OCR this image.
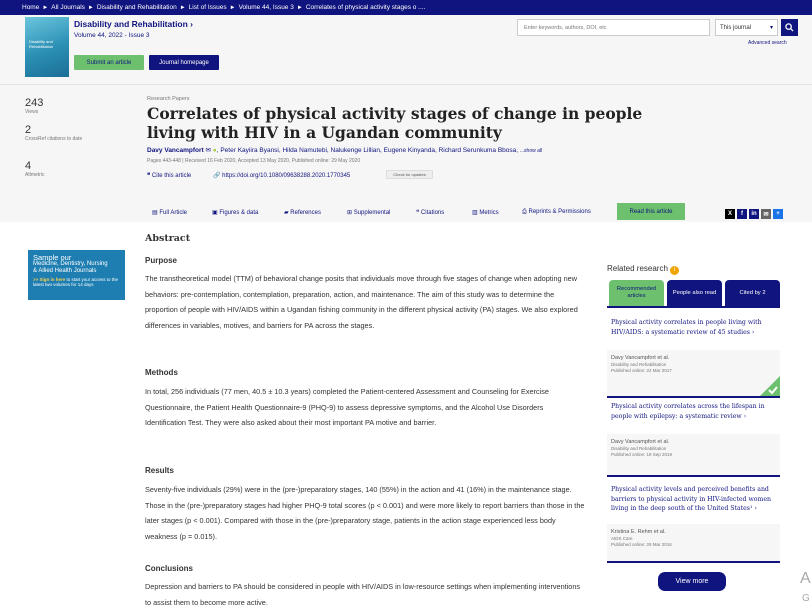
Home ► All Journals ► Disability and Rehabilitation ► List of Issues ► Volume 44, Issue 3 ► Correlates of physical activity stages o ....
Disability and Rehabilitation
Disability and Rehabilitation ›
Volume 44, 2022 - Issue 3
Submit an article	Journal homepage
Enter keywords, authors, DOI, etc	This journal	▾
Advanced search
243
Views
2
CrossRef citations to date
4
Altmetric
Research Papers
Correlates of physical activity stages of change in people living with HIV in a Ugandan community
Davy Vancampfort ✉ ●, Peter Kayiira Byansi, Hilda Namutebi, Nalukenge Lillian, Eugene Kinyanda, Richard Serunkuma Bbosa, ...show all
Pages 443-448 | Received 16 Feb 2020, Accepted 13 May 2020, Published online: 29 May 2020
❝ Cite this article	🔗 https://doi.org/10.1080/09638288.2020.1770345	Check for updates
▤ Full Article	▣ Figures & data	▰ References	⊞ Supplemental	❝ Citations	▥ Metrics	⎙ Reprints & Permissions	Read this article	X	f	in	✉	+
Sample our
Medicine, Dentistry, Nursing
& Allied Health Journals
>> Sign in here to start your access to the latest two volumes for 14 days
Abstract
Purpose
The transtheoretical model (TTM) of behavioral change posits that individuals move through five stages of change when adopting new behaviors: pre-contemplation, contemplation, preparation, action, and maintenance. The aim of this study was to determine the proportion of people with HIV/AIDS within a Ugandan fishing community in the different physical activity (PA) stages. We also explored differences in variables, motives, and barriers for PA across the stages.
Methods
In total, 256 individuals (77 men, 40.5 ± 10.3 years) completed the Patient-centered Assessment and Counseling for Exercise Questionnaire, the Patient Health Questionnaire-9 (PHQ-9) to assess depressive symptoms, and the Alcohol Use Disorders Identification Test. They were also asked about their most important PA motive and barrier.
Results
Seventy-five individuals (29%) were in the (pre-)preparatory stages, 140 (55%) in the action and 41 (16%) in the maintenance stage. Those in the (pre-)preparatory stages had higher PHQ-9 total scores (p < 0.001) and were more likely to report barriers than those in the later stages (p < 0.001). Compared with those in the (pre-)preparatory stage, patients in the action stage experienced less body weakness (p = 0.015).
Conclusions
Depression and barriers to PA should be considered in people with HIV/AIDS in low-resource settings when implementing interventions to assist them to become more active.
Related research i
Recommended articles
People also read	Cited by 2
Physical activity correlates in people living with HIV/AIDS: a systematic review of 45 studies ›
Davy Vancampfort et al.
Disability and Rehabilitation
Published online: 22 Mar 2017
Physical activity correlates across the lifespan in people with epilepsy: a systematic review ›
Davy Vancampfort et al.
Disability and Rehabilitation
Published online: 19 Sep 2019
Physical activity levels and perceived benefits and barriers to physical activity in HIV-infected women living in the deep south of the United States¹ ›
Kristina E. Rehm et al.
AIDS Care
Published online: 29 Mar 2016
View more	A
G
